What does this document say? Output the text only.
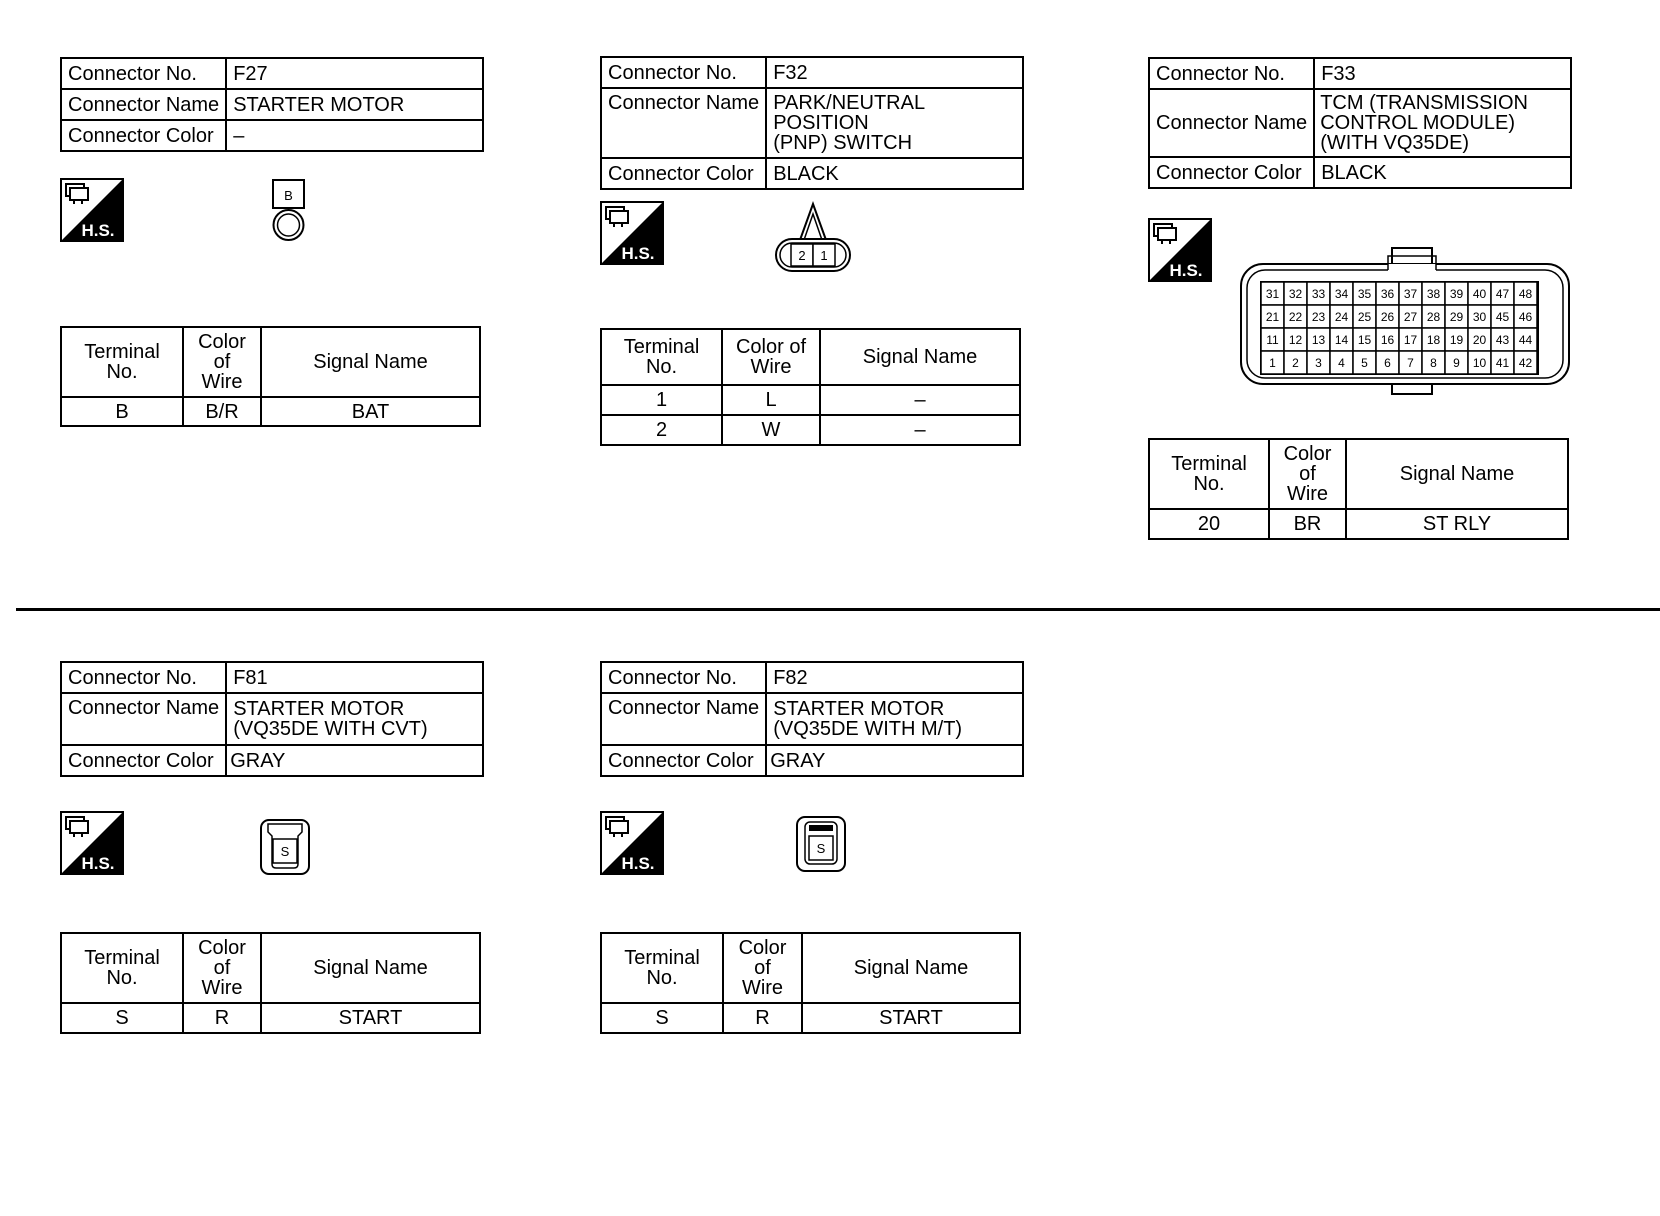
Connector No.	F27
Connector Name	STARTER MOTOR
Connector Color	–
H.S.
B
Terminal No.	Color of
Wire	Signal Name
B	B/R	BAT
Connector No.	F32
Connector Name	PARK/NEUTRAL POSITION
(PNP) SWITCH
Connector Color	BLACK
H.S.	2 1
Terminal No.	Color of
Wire	Signal Name
1	L	–
2	W	–
Connector No.	F33
Connector Name	TCM (TRANSMISSION
CONTROL MODULE)
(WITH VQ35DE)
Connector Color	BLACK
H.S.
31 32 33 34 35 36 37 38 39 40 47 48
21 22 23 24 25 26 27 28 29 30 45 46
11 12 13 14 15 16 17 18 19 20 43 44
1 2 3 4 5 6 7 8 9 10 41 42
Terminal No.	Color of
Wire	Signal Name
20	BR	ST RLY
Connector No.	F81
Connector Name	STARTER MOTOR
(VQ35DE WITH CVT)
Connector Color	GRAY
H.S.
S
Terminal No.	Color of
Wire	Signal Name
S	R	START
Connector No.	F82
Connector Name	STARTER MOTOR
(VQ35DE WITH M/T)
Connector Color	GRAY
H.S.
S
Terminal No.	Color of
Wire	Signal Name
S	R	START
